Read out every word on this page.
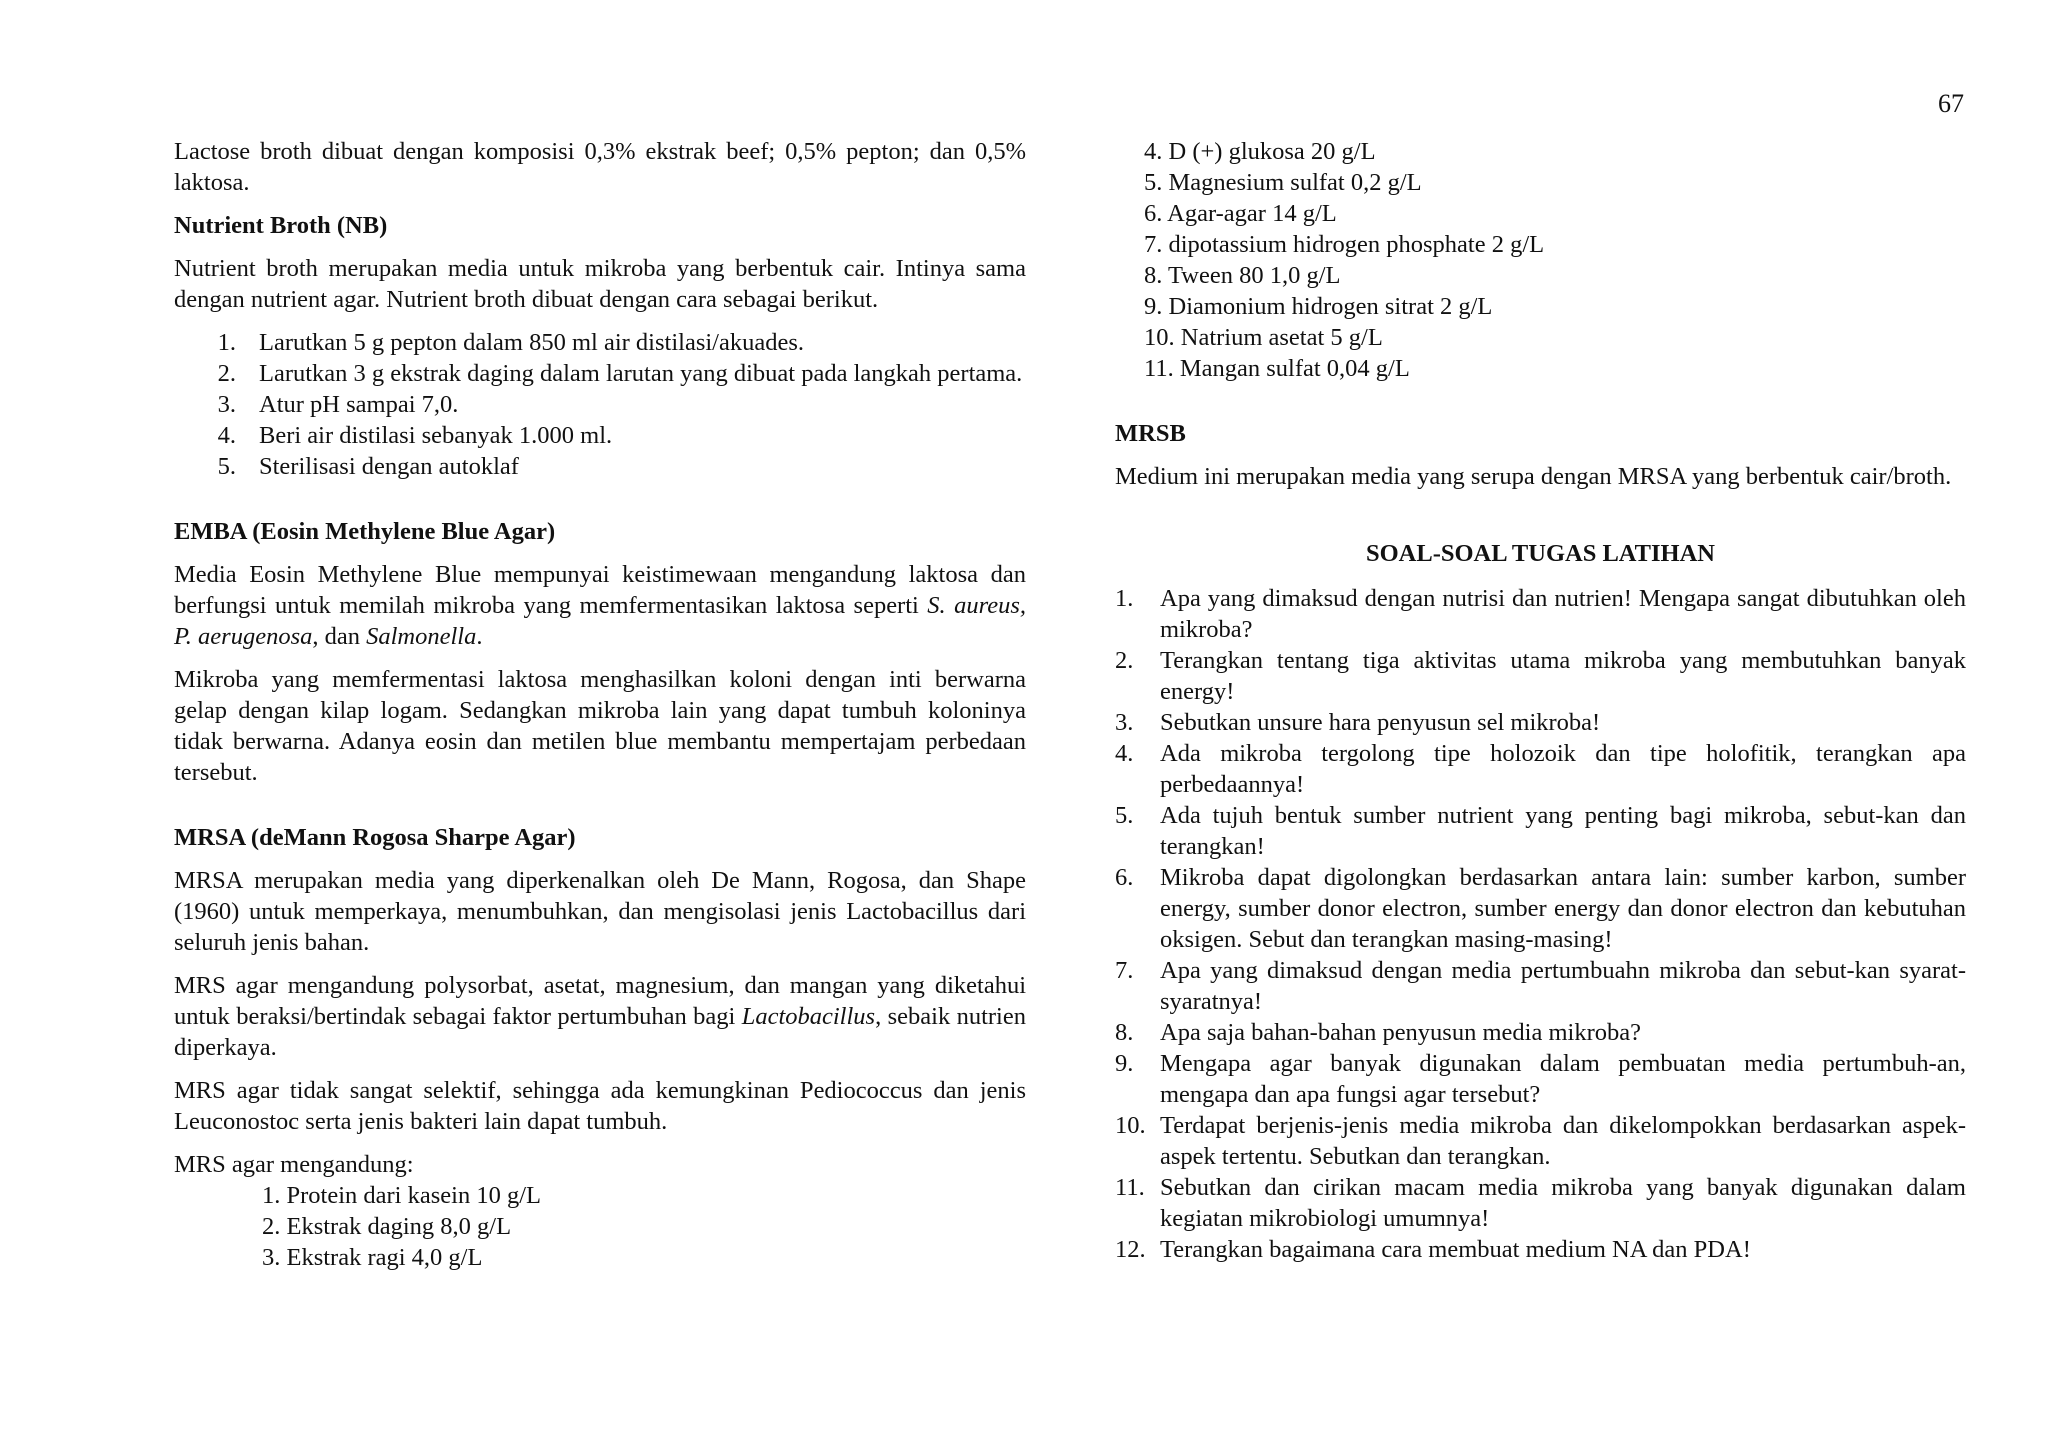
67

Lactose broth dibuat dengan komposisi 0,3% ekstrak beef; 0,5% pepton; dan 0,5% laktosa.

Nutrient Broth (NB)

Nutrient broth merupakan media untuk mikroba yang berbentuk cair. Intinya sama dengan nutrient agar. Nutrient broth dibuat dengan cara sebagai berikut.

1. Larutkan 5 g pepton dalam 850 ml air distilasi/akuades.
2. Larutkan 3 g ekstrak daging dalam larutan yang dibuat pada langkah pertama.
3. Atur pH sampai 7,0.
4. Beri air distilasi sebanyak 1.000 ml.
5. Sterilisasi dengan autoklaf
EMBA (Eosin Methylene Blue Agar)

Media Eosin Methylene Blue mempunyai keistimewaan mengandung laktosa dan berfungsi untuk memilah mikroba yang memfermentasikan laktosa seperti S. aureus, P. aerugenosa, dan Salmonella.

Mikroba yang memfermentasi laktosa menghasilkan koloni dengan inti berwarna gelap dengan kilap logam. Sedangkan mikroba lain yang dapat tumbuh koloninya tidak berwarna. Adanya eosin dan metilen blue membantu mempertajam perbedaan tersebut.

MRSA (deMann Rogosa Sharpe Agar)

MRSA merupakan media yang diperkenalkan oleh De Mann, Rogosa, dan Shape (1960) untuk memperkaya, menumbuhkan, dan mengisolasi jenis Lactobacillus dari seluruh jenis bahan.

MRS agar mengandung polysorbat, asetat, magnesium, dan mangan yang diketahui untuk beraksi/bertindak sebagai faktor pertumbuhan bagi Lactobacillus, sebaik nutrien diperkaya.

MRS agar tidak sangat selektif, sehingga ada kemungkinan Pediococcus dan jenis Leuconostoc serta jenis bakteri lain dapat tumbuh.

MRS agar mengandung:
1. Protein dari kasein 10 g/L
2. Ekstrak daging 8,0 g/L
3. Ekstrak ragi 4,0 g/L
4. D (+) glukosa 20 g/L
5. Magnesium sulfat 0,2 g/L
6. Agar-agar 14 g/L
7. dipotassium hidrogen phosphate 2 g/L
8. Tween 80 1,0 g/L
9. Diamonium hidrogen sitrat 2 g/L
10. Natrium asetat 5 g/L
11. Mangan sulfat 0,04 g/L
MRSB

Medium ini merupakan media yang serupa dengan MRSA yang berbentuk cair/broth.

SOAL-SOAL TUGAS LATIHAN
1.	Apa yang dimaksud dengan nutrisi dan nutrien! Mengapa sangat dibutuhkan oleh mikroba?
2.	Terangkan tentang tiga aktivitas utama mikroba yang membutuhkan banyak energy!
3.	Sebutkan unsure hara penyusun sel mikroba!
4.	Ada mikroba tergolong tipe holozoik dan tipe holofitik, terangkan apa perbedaannya!
5.	Ada tujuh bentuk sumber nutrient yang penting bagi mikroba, sebut-kan dan terangkan!
6.	Mikroba dapat digolongkan berdasarkan antara lain: sumber karbon, sumber energy, sumber donor electron, sumber energy dan donor electron dan kebutuhan oksigen. Sebut dan terangkan masing-masing!
7.	Apa yang dimaksud dengan media pertumbuahn mikroba dan sebut-kan syarat-syaratnya!
8.	Apa saja bahan-bahan penyusun media mikroba?
9.	Mengapa agar banyak digunakan dalam pembuatan media pertumbuh-an, mengapa dan apa fungsi agar tersebut?
10. Terdapat berjenis-jenis media mikroba dan dikelompokkan berdasarkan aspek-aspek tertentu. Sebutkan dan terangkan.
11. Sebutkan dan cirikan macam media mikroba yang banyak digunakan dalam kegiatan mikrobiologi umumnya!
12. Terangkan bagaimana cara membuat medium NA dan PDA!
